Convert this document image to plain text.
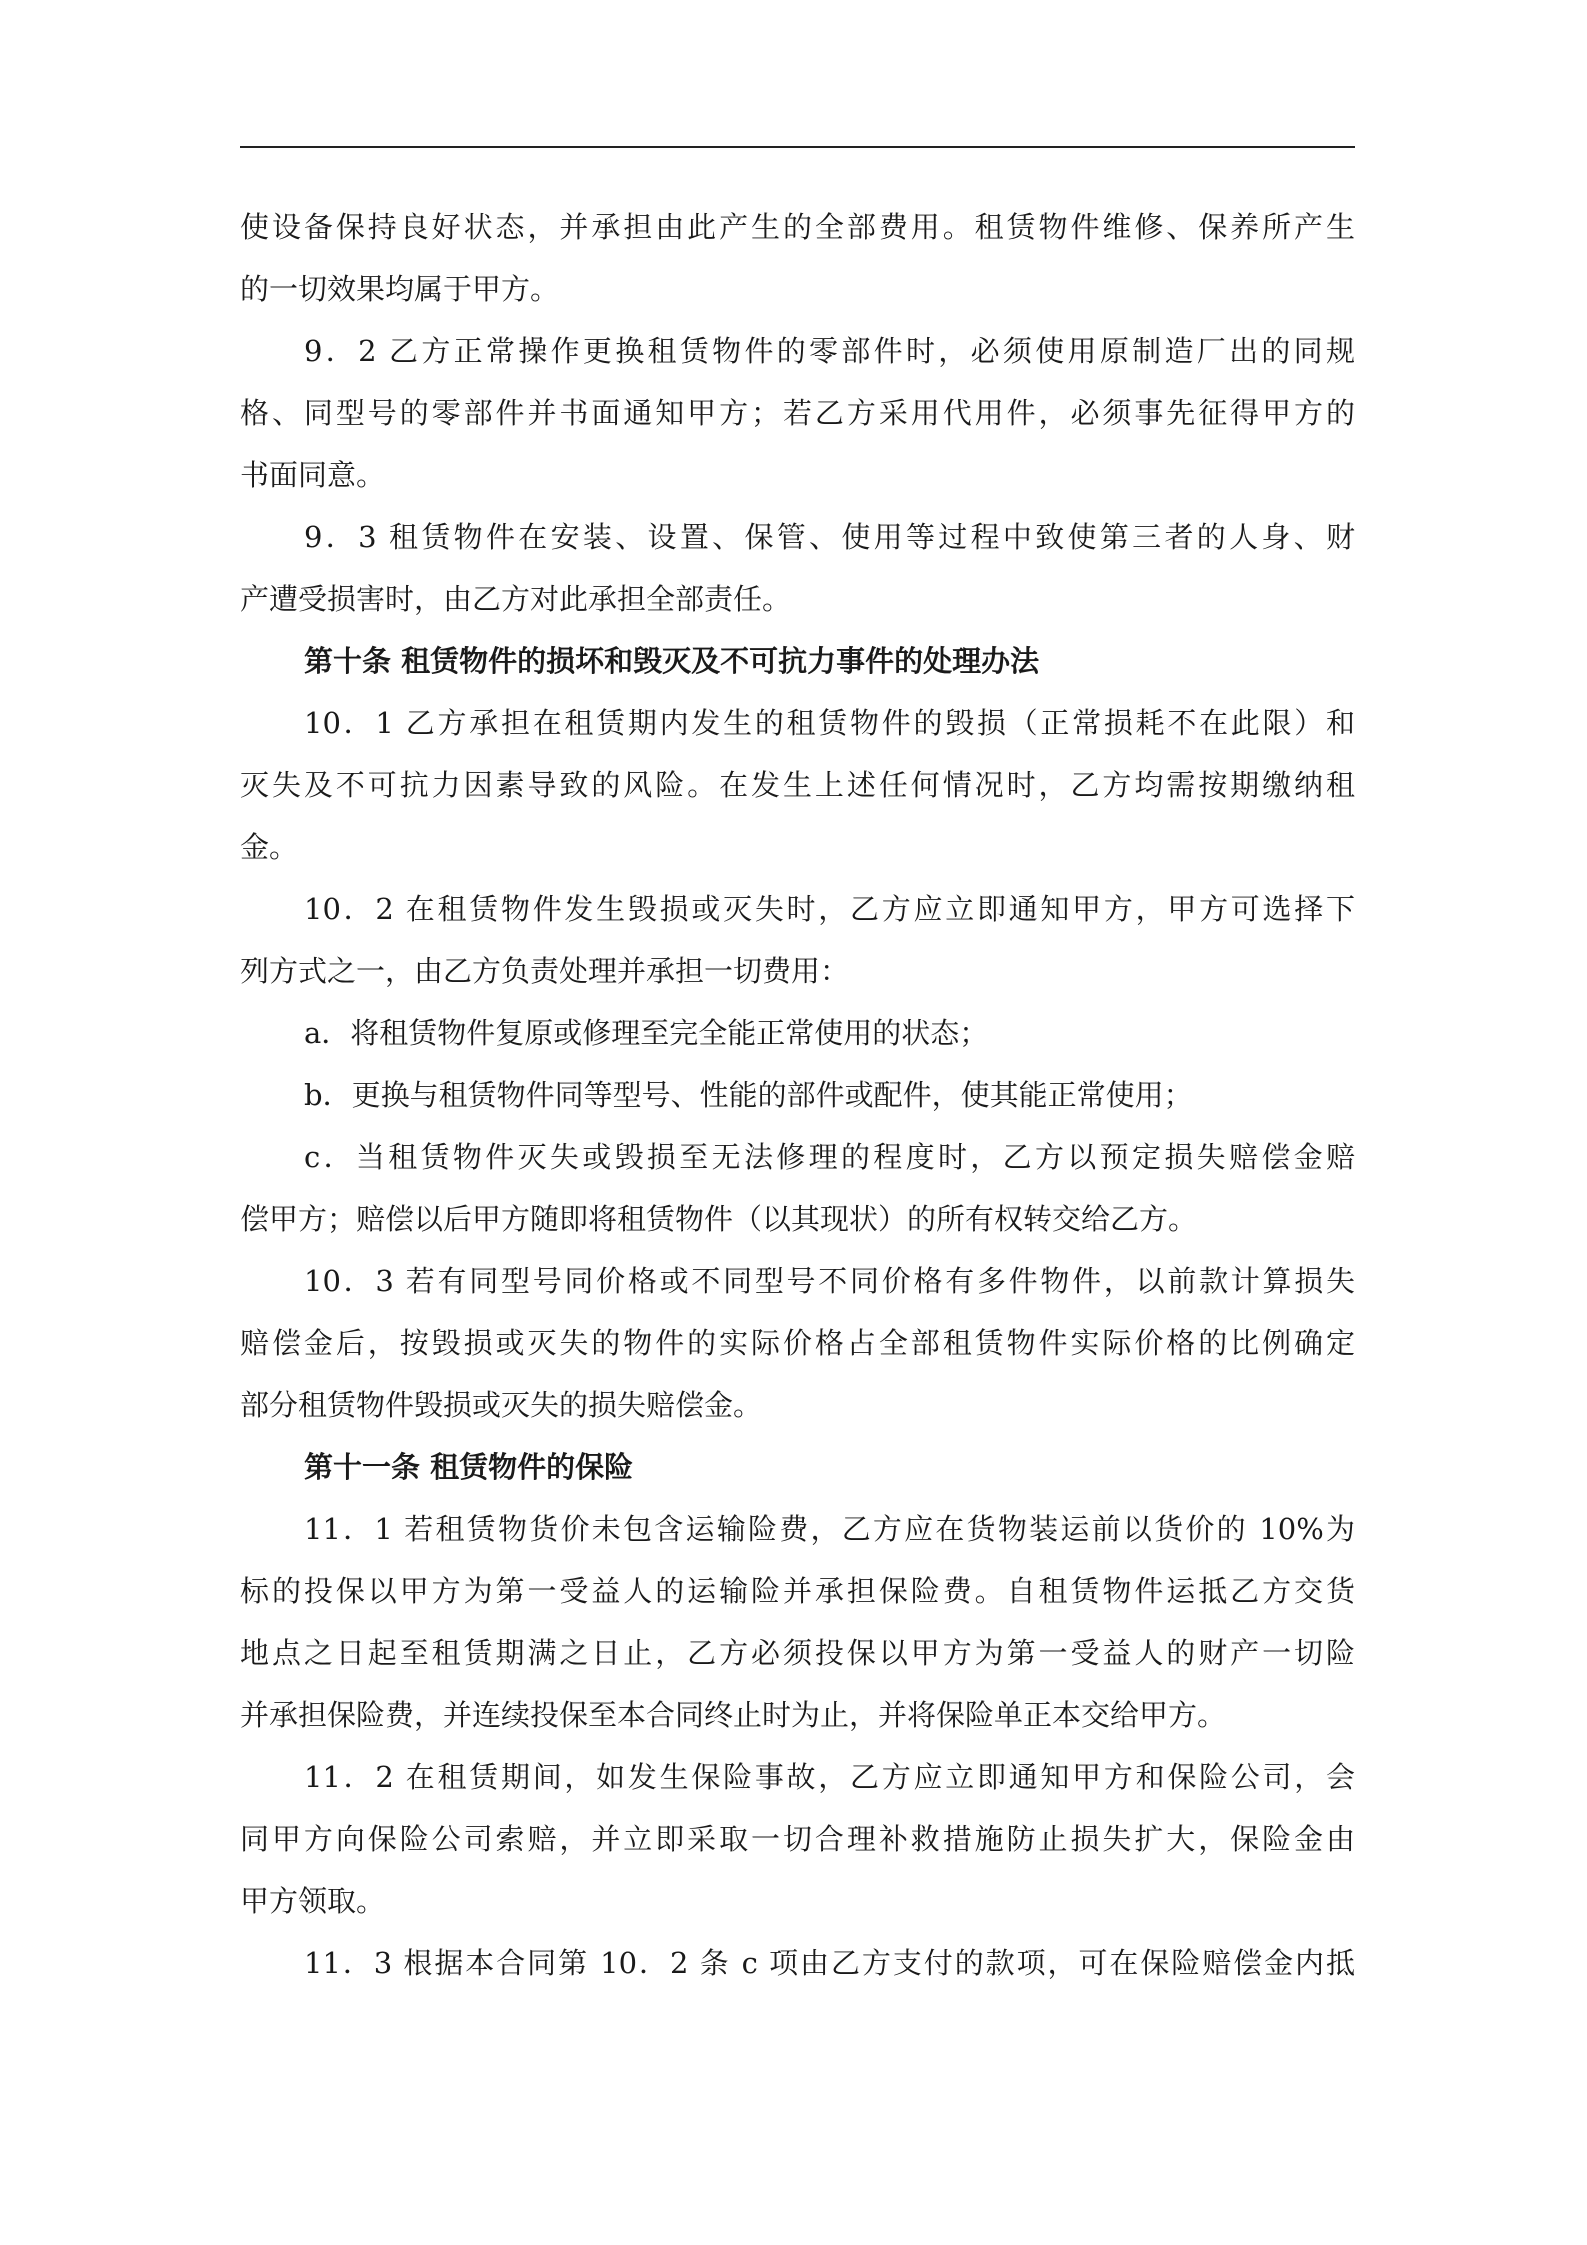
使设备保持良好状态，并承担由此产生的全部费用。租赁物件维修、保养所产生
的一切效果均属于甲方。
9．2 乙方正常操作更换租赁物件的零部件时，必须使用原制造厂出的同规
格、同型号的零部件并书面通知甲方；若乙方采用代用件，必须事先征得甲方的
书面同意。
9．3 租赁物件在安装、设置、保管、使用等过程中致使第三者的人身、财
产遭受损害时，由乙方对此承担全部责任。
第十条 租赁物件的损坏和毁灭及不可抗力事件的处理办法
10．1 乙方承担在租赁期内发生的租赁物件的毁损（正常损耗不在此限）和
灭失及不可抗力因素导致的风险。在发生上述任何情况时，乙方均需按期缴纳租
金。
10．2 在租赁物件发生毁损或灭失时，乙方应立即通知甲方，甲方可选择下
列方式之一，由乙方负责处理并承担一切费用：
a．将租赁物件复原或修理至完全能正常使用的状态；
b．更换与租赁物件同等型号、性能的部件或配件，使其能正常使用；
c．当租赁物件灭失或毁损至无法修理的程度时，乙方以预定损失赔偿金赔
偿甲方；赔偿以后甲方随即将租赁物件（以其现状）的所有权转交给乙方。
10．3 若有同型号同价格或不同型号不同价格有多件物件，以前款计算损失
赔偿金后，按毁损或灭失的物件的实际价格占全部租赁物件实际价格的比例确定
部分租赁物件毁损或灭失的损失赔偿金。
第十一条 租赁物件的保险
11．1 若租赁物货价未包含运输险费，乙方应在货物装运前以货价的 10%为
标的投保以甲方为第一受益人的运输险并承担保险费。自租赁物件运抵乙方交货
地点之日起至租赁期满之日止，乙方必须投保以甲方为第一受益人的财产一切险
并承担保险费，并连续投保至本合同终止时为止，并将保险单正本交给甲方。
11．2 在租赁期间，如发生保险事故，乙方应立即通知甲方和保险公司，会
同甲方向保险公司索赔，并立即采取一切合理补救措施防止损失扩大，保险金由
甲方领取。
11．3 根据本合同第 10．2 条 c 项由乙方支付的款项，可在保险赔偿金内抵
